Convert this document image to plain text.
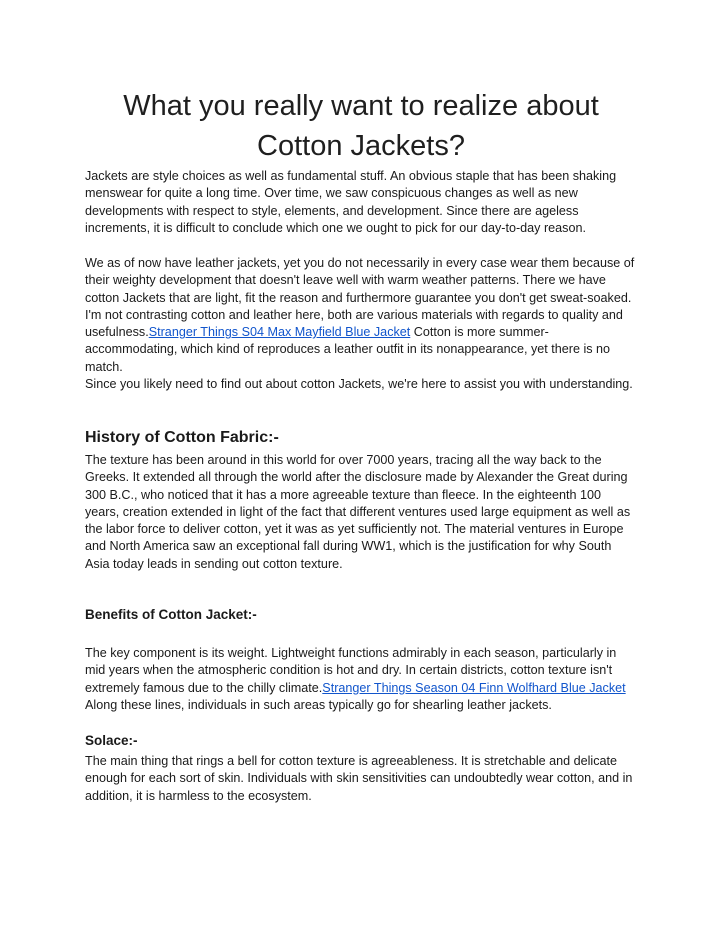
What you really want to realize about Cotton Jackets?

Jackets are style choices as well as fundamental stuff. An obvious staple that has been shaking menswear for quite a long time. Over time, we saw conspicuous changes as well as new developments with respect to style, elements, and development. Since there are ageless increments, it is difficult to conclude which one we ought to pick for our day-to-day reason.

We as of now have leather jackets, yet you do not necessarily in every case wear them because of their weighty development that doesn't leave well with warm weather patterns. There we have cotton Jackets that are light, fit the reason and furthermore guarantee you don't get sweat-soaked. I'm not contrasting cotton and leather here, both are various materials with regards to quality and usefulness.Stranger Things S04 Max Mayfield Blue Jacket Cotton is more summer-accommodating, which kind of reproduces a leather outfit in its nonappearance, yet there is no match.

Since you likely need to find out about cotton Jackets, we're here to assist you with understanding.

History of Cotton Fabric:-

The texture has been around in this world for over 7000 years, tracing all the way back to the Greeks. It extended all through the world after the disclosure made by Alexander the Great during 300 B.C., who noticed that it has a more agreeable texture than fleece. In the eighteenth 100 years, creation extended in light of the fact that different ventures used large equipment as well as the labor force to deliver cotton, yet it was as yet sufficiently not. The material ventures in Europe and North America saw an exceptional fall during WW1, which is the justification for why South Asia today leads in sending out cotton texture.

Benefits of Cotton Jacket:-

The key component is its weight. Lightweight functions admirably in each season, particularly in mid years when the atmospheric condition is hot and dry. In certain districts, cotton texture isn't extremely famous due to the chilly climate.Stranger Things Season 04 Finn Wolfhard Blue Jacket Along these lines, individuals in such areas typically go for shearling leather jackets.

Solace:-

The main thing that rings a bell for cotton texture is agreeableness. It is stretchable and delicate enough for each sort of skin. Individuals with skin sensitivities can undoubtedly wear cotton, and in addition, it is harmless to the ecosystem.
